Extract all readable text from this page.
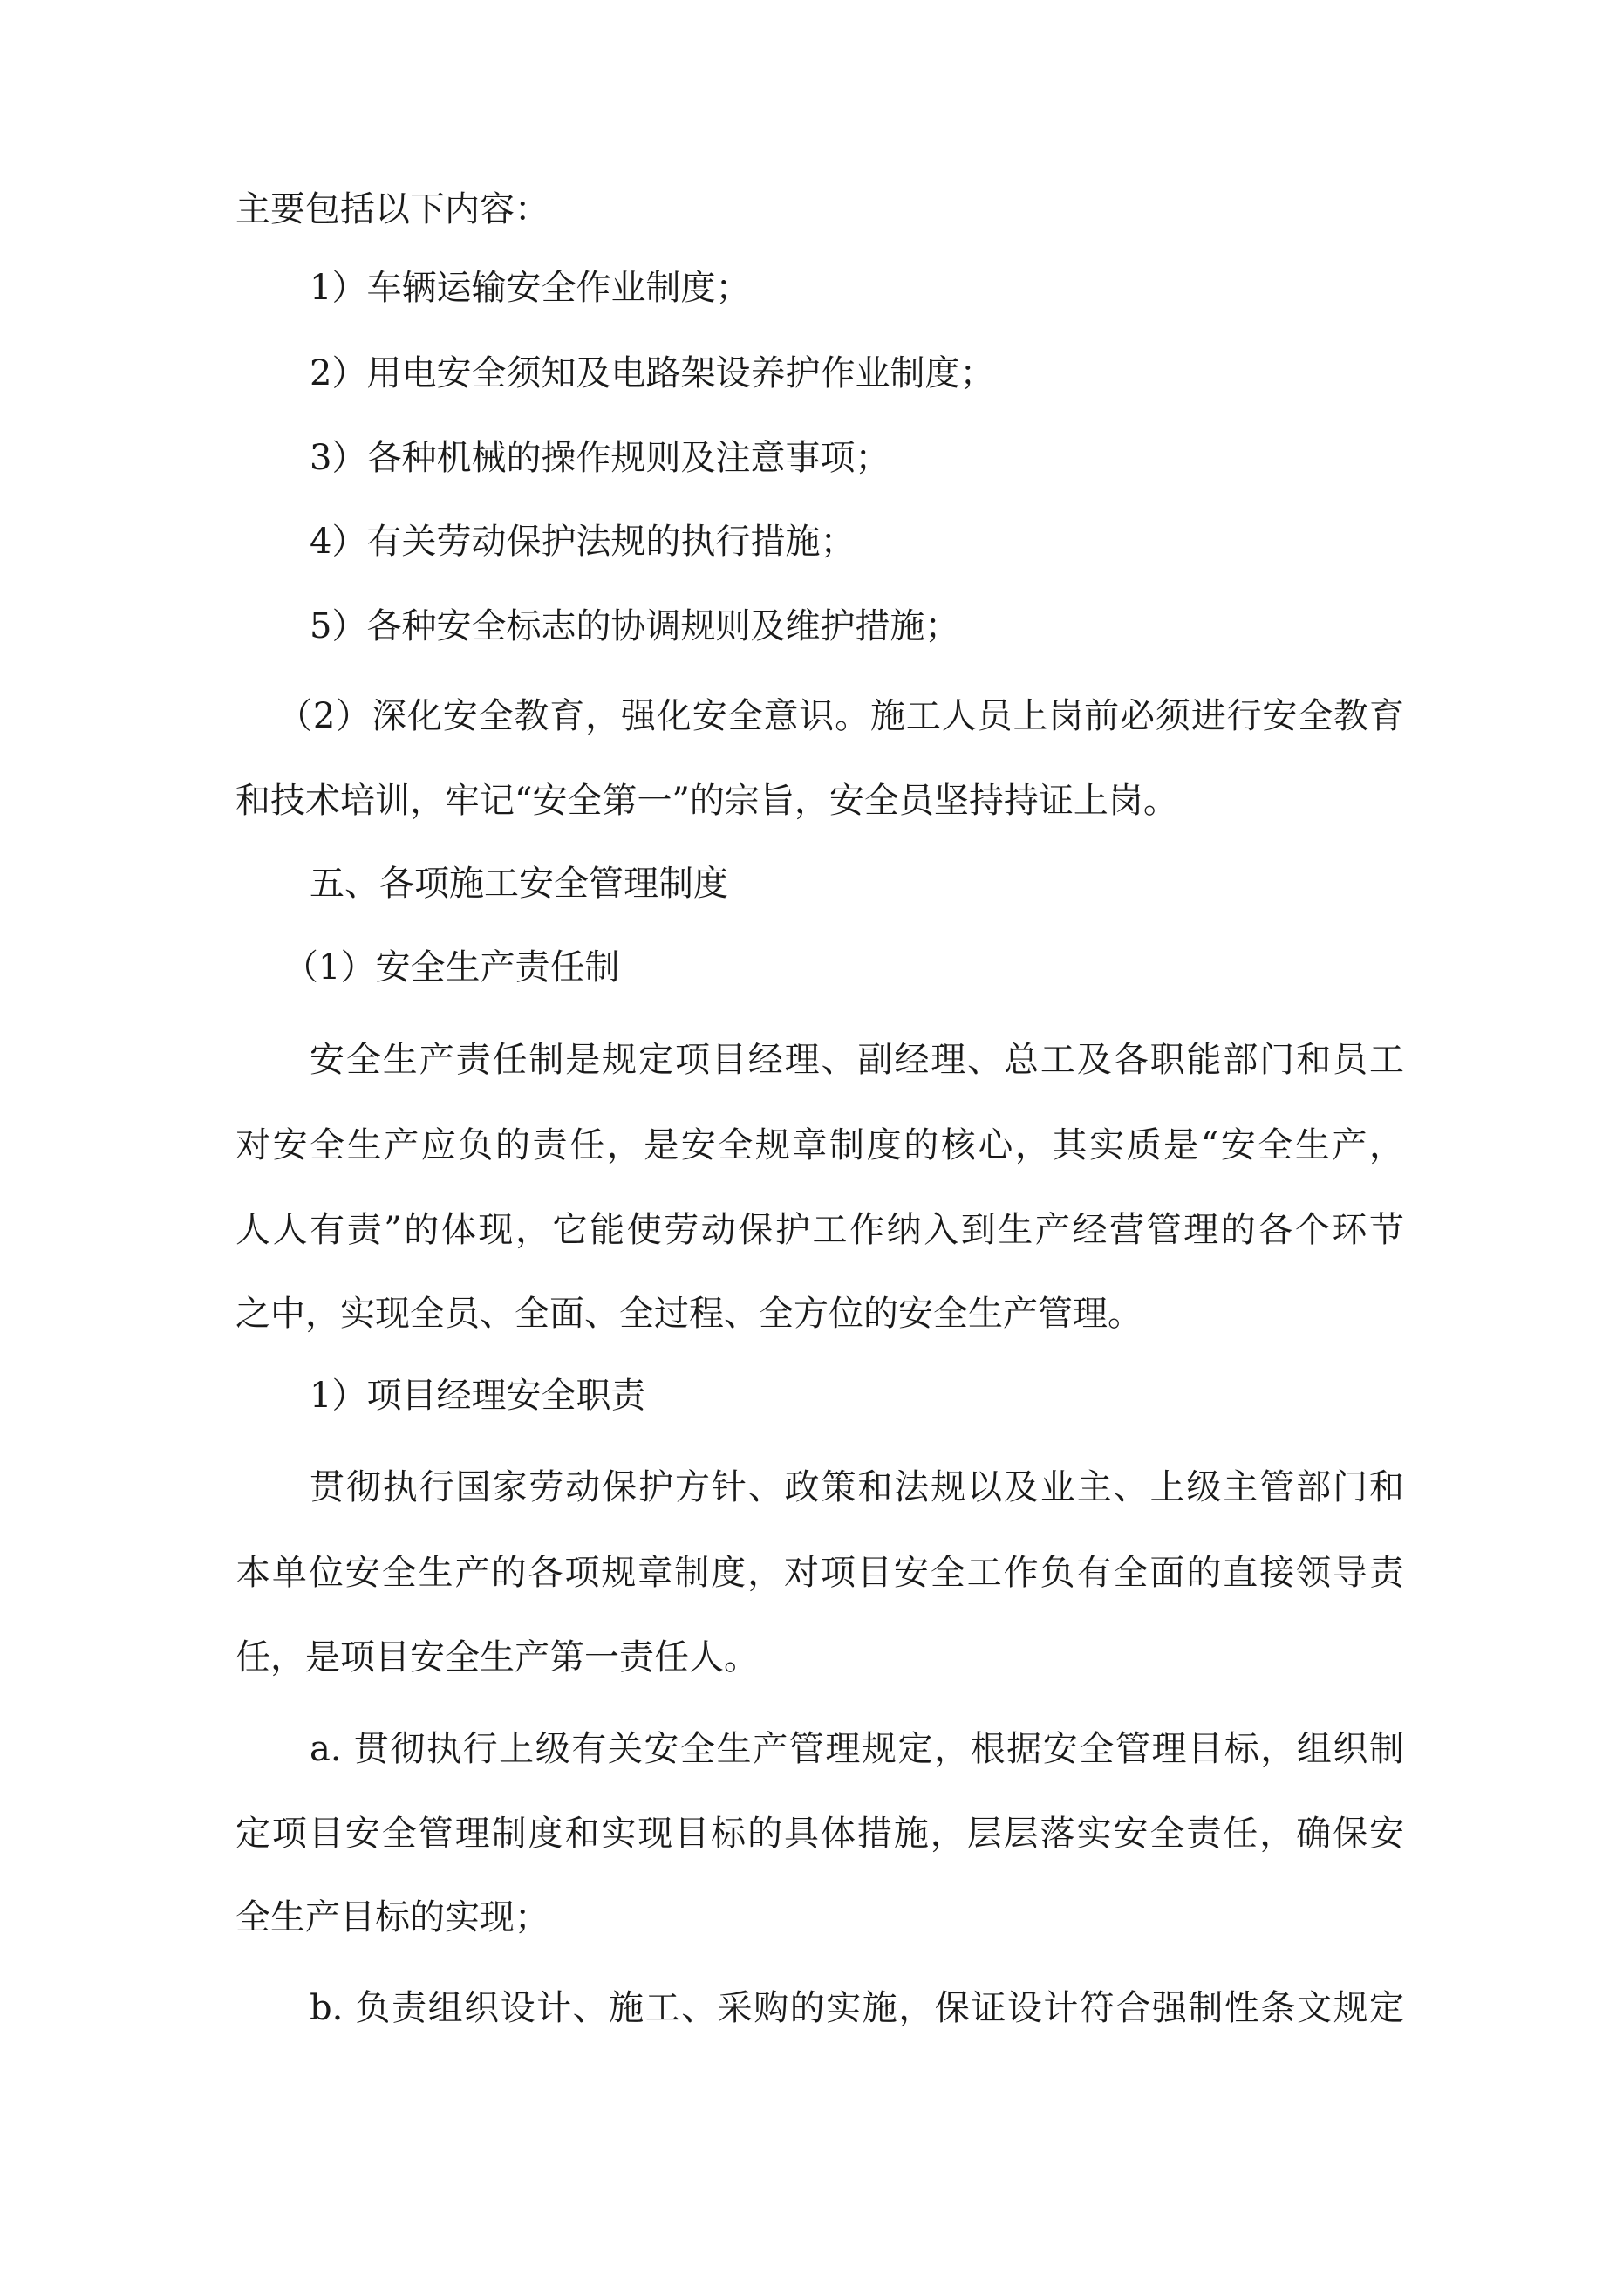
主要包括以下内容：
1）车辆运输安全作业制度；
2）用电安全须知及电路架设养护作业制度；
3）各种机械的操作规则及注意事项；
4）有关劳动保护法规的执行措施；
5）各种安全标志的协调规则及维护措施；
（2）深化安全教育，强化安全意识。施工人员上岗前必须进行安全教育
和技术培训，牢记“安全第一”的宗旨，安全员坚持持证上岗。
五、各项施工安全管理制度
（1）安全生产责任制
安全生产责任制是规定项目经理、副经理、总工及各职能部门和员工
对安全生产应负的责任，是安全规章制度的核心，其实质是“安全生产，
人人有责”的体现，它能使劳动保护工作纳入到生产经营管理的各个环节
之中，实现全员、全面、全过程、全方位的安全生产管理。
1）项目经理安全职责
贯彻执行国家劳动保护方针、政策和法规以及业主、上级主管部门和
本单位安全生产的各项规章制度，对项目安全工作负有全面的直接领导责
任，是项目安全生产第一责任人。
a. 贯彻执行上级有关安全生产管理规定，根据安全管理目标，组织制
定项目安全管理制度和实现目标的具体措施，层层落实安全责任，确保安
全生产目标的实现；
b. 负责组织设计、施工、采购的实施，保证设计符合强制性条文规定
